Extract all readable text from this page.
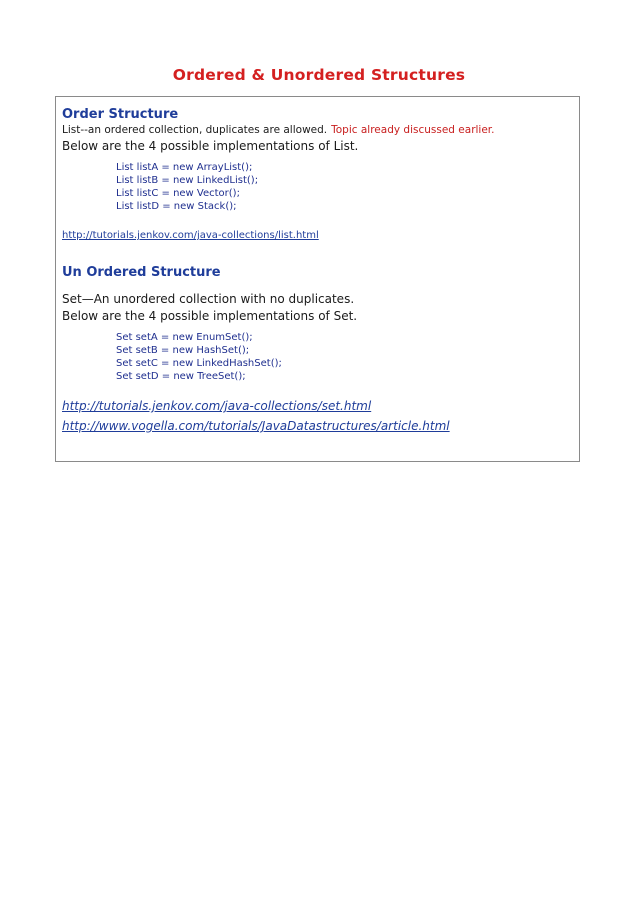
Ordered & Unordered Structures
Order Structure
List--an ordered collection, duplicates are allowed. Topic already discussed earlier.
Below are the 4 possible implementations of List.
List listA = new ArrayList();
List listB = new LinkedList();
List listC = new Vector();
List listD = new Stack();
http://tutorials.jenkov.com/java-collections/list.html
Un Ordered Structure
Set—An unordered collection with no duplicates.
Below are the 4 possible implementations of Set.
Set setA = new EnumSet();
Set setB = new HashSet();
Set setC = new LinkedHashSet();
Set setD = new TreeSet();
http://tutorials.jenkov.com/java-collections/set.html
http://www.vogella.com/tutorials/JavaDatastructures/article.html
